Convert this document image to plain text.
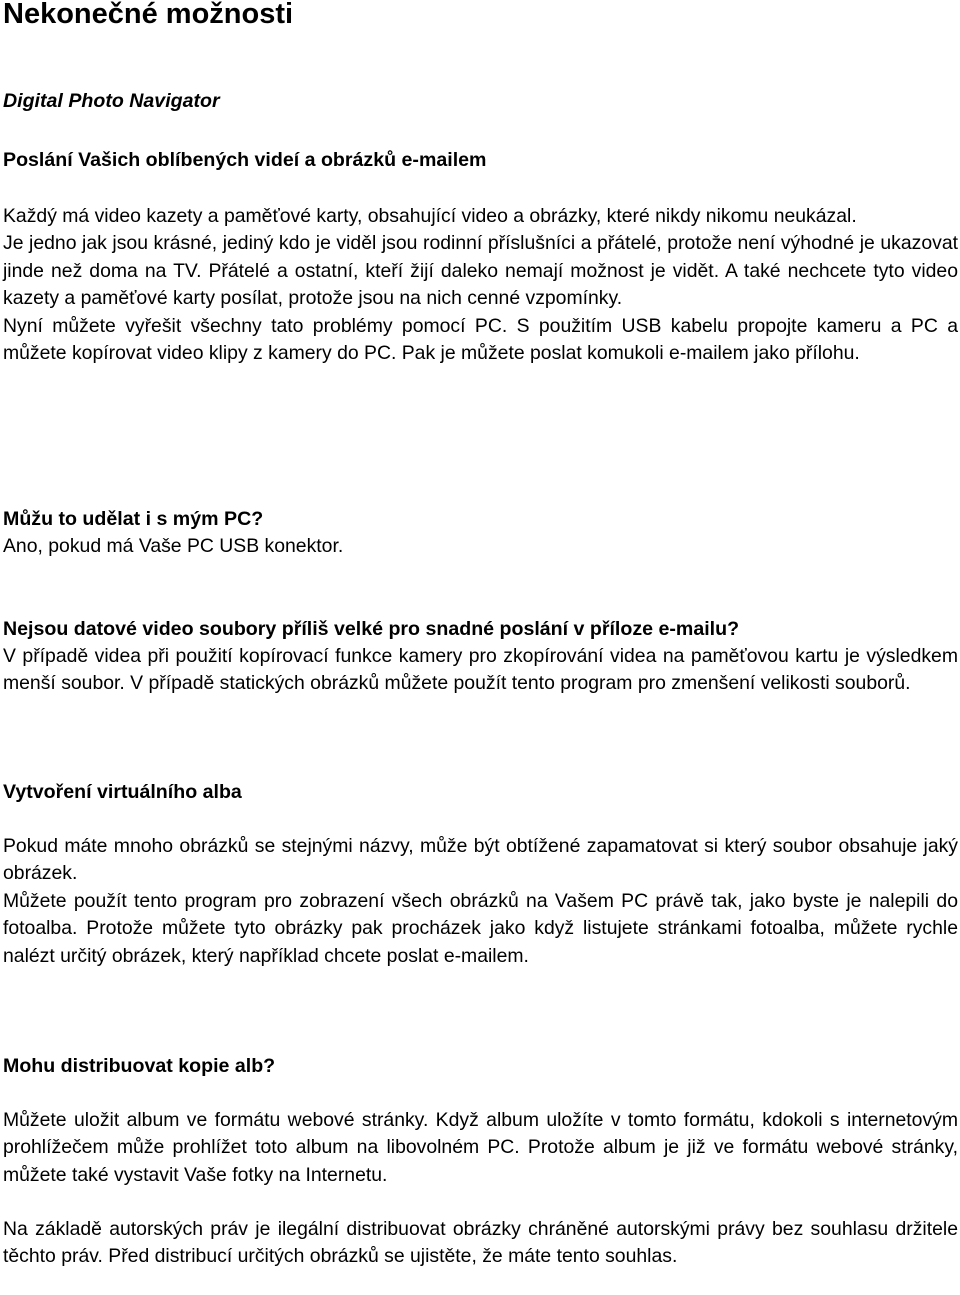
Nekonečné možnosti

Digital Photo Navigator

Poslání Vašich oblíbených videí a obrázků e-mailem

Každý má video kazety a paměťové karty, obsahující video a obrázky, které nikdy nikomu neukázal.

Je jedno jak jsou krásné, jediný kdo je viděl jsou rodinní příslušníci a přátelé, protože není výhodné je ukazovat jinde než doma na TV. Přátelé a ostatní, kteří žijí daleko nemají možnost je vidět. A také nechcete tyto video kazety a paměťové karty posílat, protože jsou na nich cenné vzpomínky.

Nyní můžete vyřešit všechny tato problémy pomocí PC. S použitím USB kabelu propojte kameru a PC a můžete kopírovat video klipy z kamery do PC. Pak je můžete poslat komukoli e-mailem jako přílohu.

Můžu to udělat i s mým PC?

Ano, pokud má Vaše PC USB konektor.

Nejsou datové video soubory příliš velké pro snadné poslání v příloze e-mailu?

V případě videa při použití kopírovací funkce kamery pro zkopírování videa na paměťovou kartu je výsledkem menší soubor. V případě statických obrázků můžete použít tento program pro zmenšení velikosti souborů.

Vytvoření virtuálního alba

Pokud máte mnoho obrázků se stejnými názvy, může být obtížené zapamatovat si který soubor obsahuje jaký obrázek.

Můžete použít tento program pro zobrazení všech obrázků na Vašem PC právě tak, jako byste je nalepili do fotoalba. Protože můžete tyto obrázky pak procházek jako když listujete stránkami fotoalba, můžete rychle nalézt určitý obrázek, který například chcete poslat e-mailem.

Mohu distribuovat kopie alb?

Můžete uložit album ve formátu webové stránky. Když album uložíte v tomto formátu, kdokoli s internetovým prohlížečem může prohlížet toto album na libovolném PC. Protože album je již ve formátu webové stránky, můžete také vystavit Vaše fotky na Internetu.

Na základě autorských práv je ilegální distribuovat obrázky chráněné autorskými právy bez souhlasu držitele těchto práv. Před distribucí určitých obrázků se ujistěte, že máte tento souhlas.
